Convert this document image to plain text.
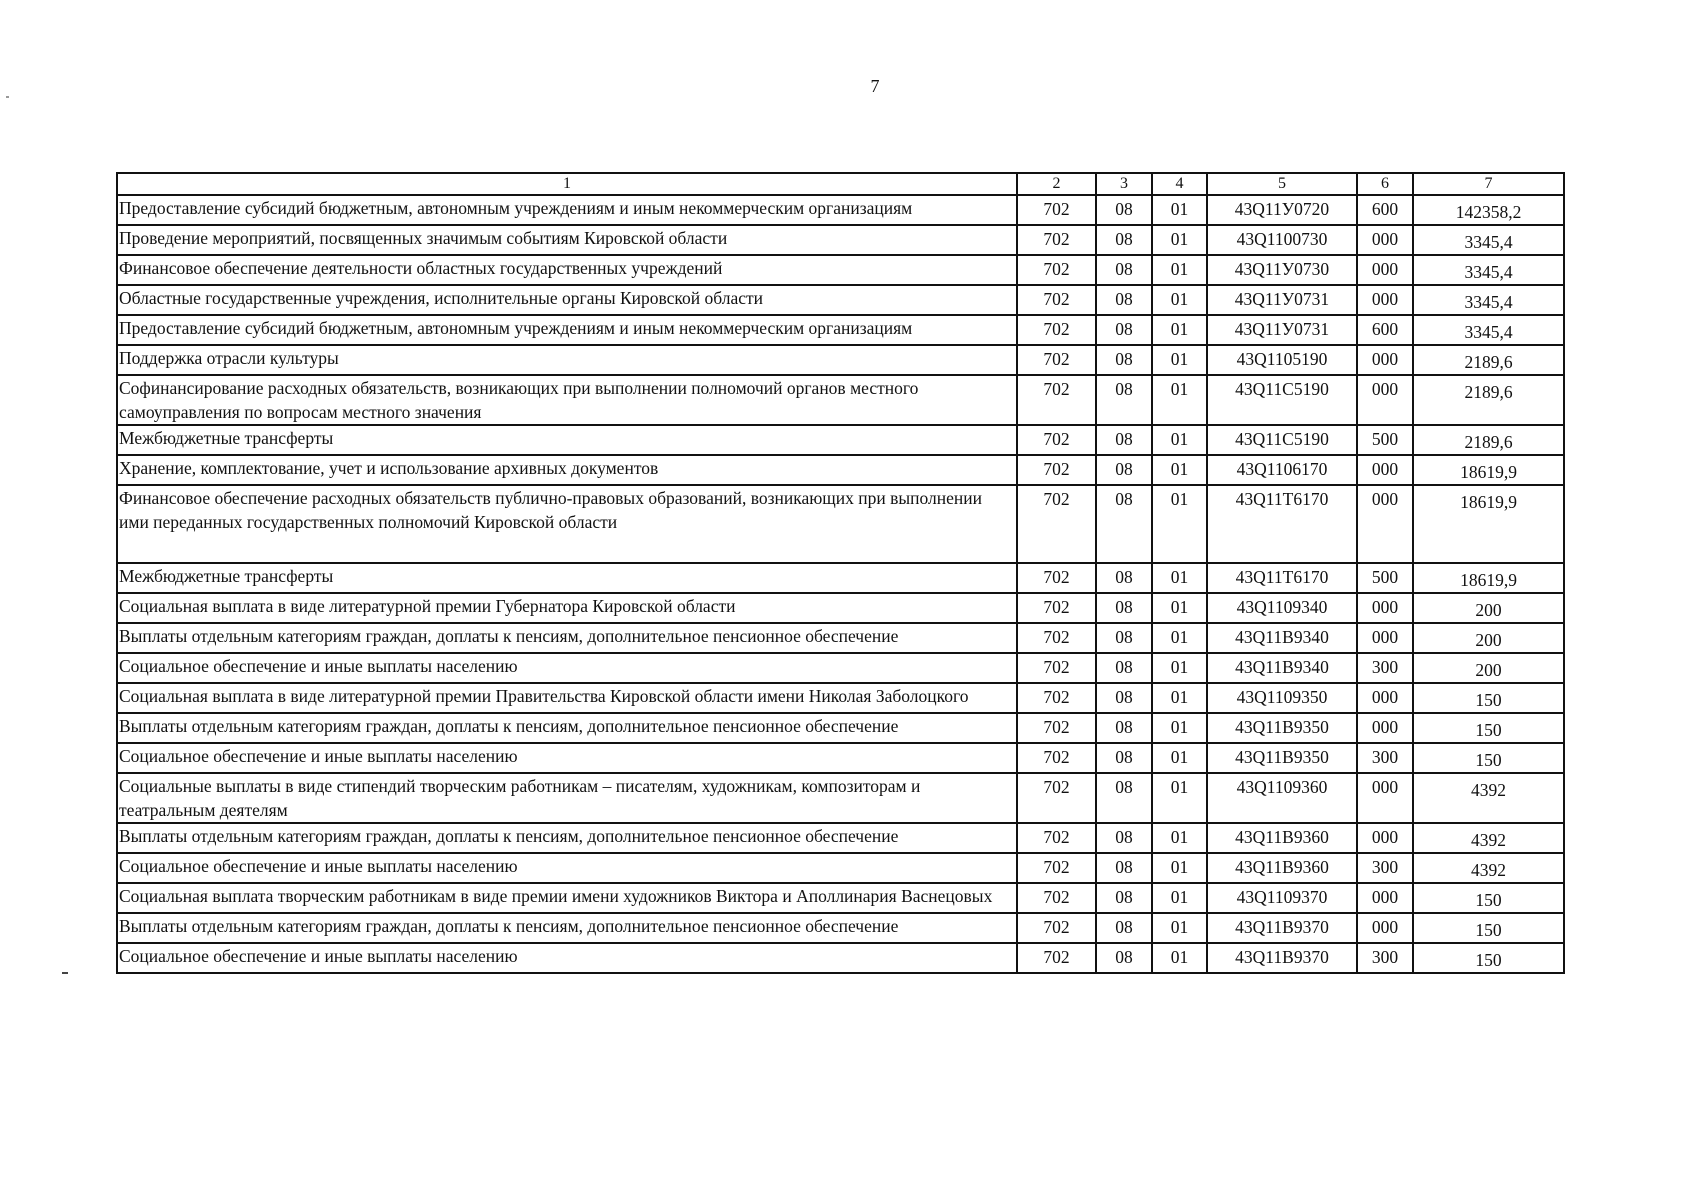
7
1	2	3	4	5	6	7
Предоставление субсидий бюджетным, автономным учреждениям и иным некоммерческим организациям	702	08	01	43Q11У0720	600	142358,2
Проведение мероприятий, посвященных значимым событиям Кировской области	702	08	01	43Q1100730	000	3345,4
Финансовое обеспечение деятельности областных государственных учреждений	702	08	01	43Q11У0730	000	3345,4
Областные государственные учреждения, исполнительные органы Кировской области	702	08	01	43Q11У0731	000	3345,4
Предоставление субсидий бюджетным, автономным учреждениям и иным некоммерческим организациям	702	08	01	43Q11У0731	600	3345,4
Поддержка отрасли культуры	702	08	01	43Q1105190	000	2189,6
Софинансирование расходных обязательств, возникающих при выполнении полномочий органов местного самоуправления по вопросам местного значения	702	08	01	43Q11C5190	000	2189,6
Межбюджетные трансферты	702	08	01	43Q11C5190	500	2189,6
Хранение, комплектование, учет и использование архивных документов	702	08	01	43Q1106170	000	18619,9
Финансовое обеспечение расходных обязательств публично-правовых образований, возникающих при выполнении ими переданных государственных полномочий Кировской области	702	08	01	43Q11T6170	000	18619,9
Межбюджетные трансферты	702	08	01	43Q11T6170	500	18619,9
Социальная выплата в виде литературной премии Губернатора Кировской области	702	08	01	43Q1109340	000	200
Выплаты отдельным категориям граждан, доплаты к пенсиям, дополнительное пенсионное обеспечение	702	08	01	43Q11B9340	000	200
Социальное обеспечение и иные выплаты населению	702	08	01	43Q11B9340	300	200
Социальная выплата в виде литературной премии Правительства Кировской области имени Николая Заболоцкого	702	08	01	43Q1109350	000	150
Выплаты отдельным категориям граждан, доплаты к пенсиям, дополнительное пенсионное обеспечение	702	08	01	43Q11B9350	000	150
Социальное обеспечение и иные выплаты населению	702	08	01	43Q11B9350	300	150
Социальные выплаты в виде стипендий творческим работникам – писателям, художникам, композиторам и театральным деятелям	702	08	01	43Q1109360	000	4392
Выплаты отдельным категориям граждан, доплаты к пенсиям, дополнительное пенсионное обеспечение	702	08	01	43Q11B9360	000	4392
Социальное обеспечение и иные выплаты населению	702	08	01	43Q11B9360	300	4392
Социальная выплата творческим работникам в виде премии имени художников Виктора и Аполлинария Васнецовых	702	08	01	43Q1109370	000	150
Выплаты отдельным категориям граждан, доплаты к пенсиям, дополнительное пенсионное обеспечение	702	08	01	43Q11B9370	000	150
Социальное обеспечение и иные выплаты населению	702	08	01	43Q11B9370	300	150
